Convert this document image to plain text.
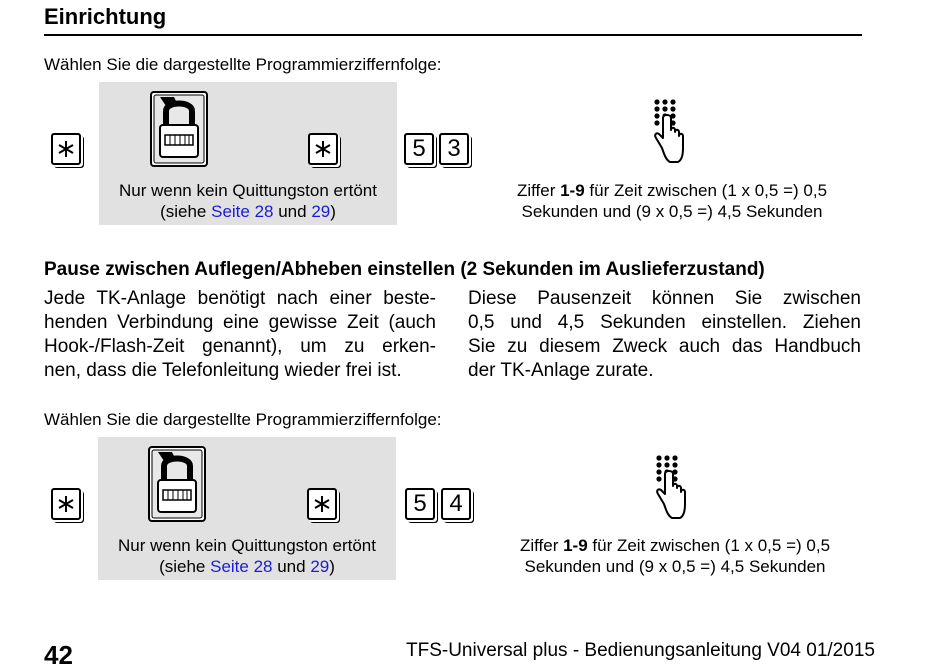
Einrichtung
Wählen Sie die dargestellte Programmierziffernfolge:
5 3
Nur wenn kein Quittungston ertönt
(siehe Seite 28 und 29)
Ziffer 1-9 für Zeit zwischen (1 x 0,5 =) 0,5
Sekunden und (9 x 0,5 =) 4,5 Sekunden
Pause zwischen Auflegen/Abheben einstellen (2 Sekunden im Auslieferzustand)
Jede TK-Anlage benötigt nach einer beste-
henden Verbindung eine gewisse Zeit (auch
Hook-/Flash-Zeit genannt), um zu erken-
nen, dass die Telefonleitung wieder frei ist.
Diese Pausenzeit können Sie zwischen
0,5 und 4,5 Sekunden einstellen. Ziehen
Sie zu diesem Zweck auch das Handbuch
der TK-Anlage zurate.
Wählen Sie die dargestellte Programmierziffernfolge:
5 4
Nur wenn kein Quittungston ertönt
(siehe Seite 28 und 29)
Ziffer 1-9 für Zeit zwischen (1 x 0,5 =) 0,5
Sekunden und (9 x 0,5 =) 4,5 Sekunden
42	TFS-Universal plus - Bedienungsanleitung V04 01/2015
